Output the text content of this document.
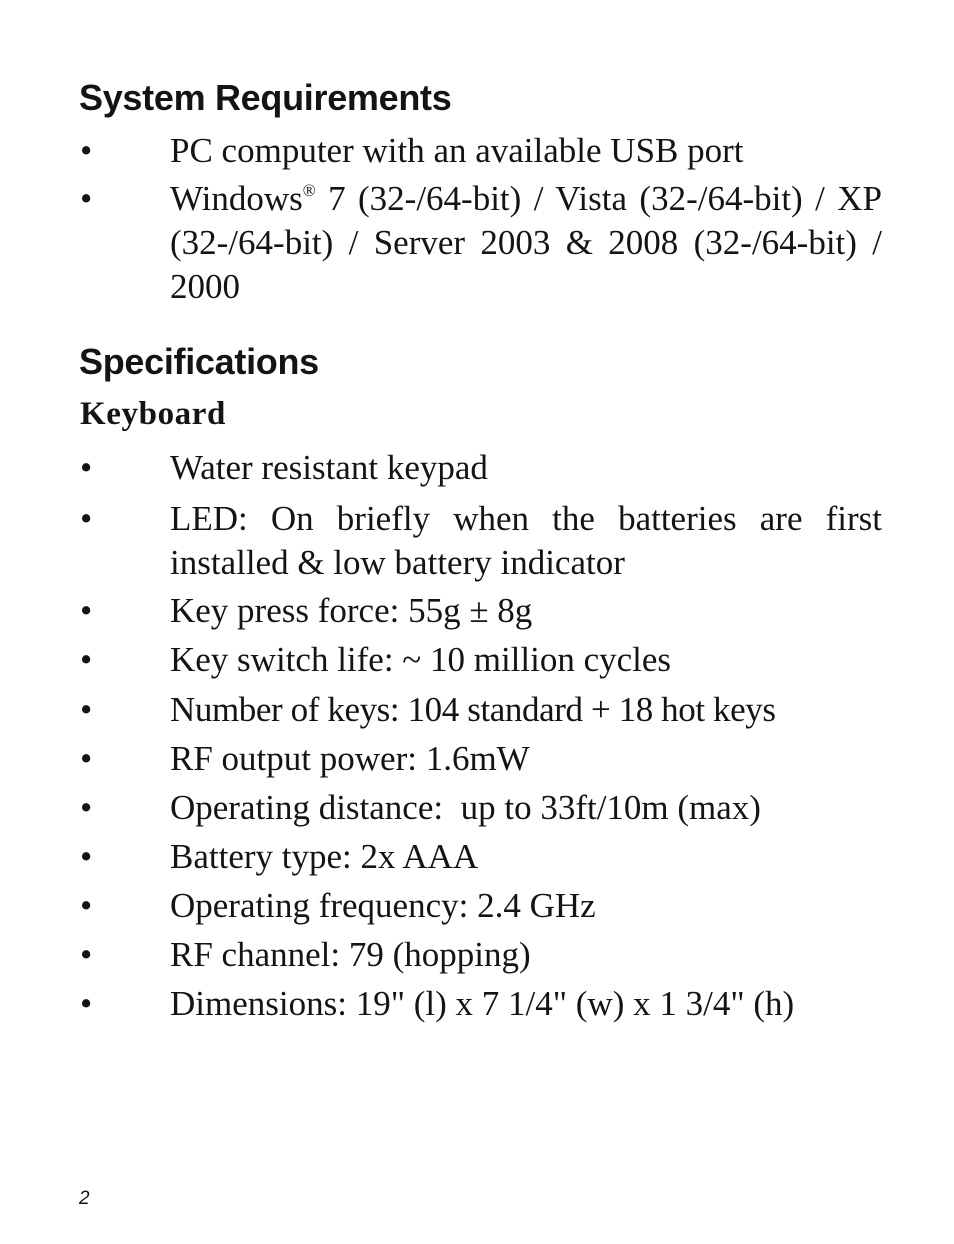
System Requirements
•	PC computer with an available USB port
•	Windows® 7 (32-/64-bit) / Vista (32-/64-bit) / XP (32-/64-bit) / Server 2003 & 2008 (32-/64-bit) / 2000
Specifications
Keyboard
•	Water resistant keypad
•	LED: On briefly when the batteries are first installed & low battery indicator
•	Key press force: 55g ± 8g
•	Key switch life: ~ 10 million cycles
•	Number of keys: 104 standard + 18 hot keys
•	RF output power: 1.6mW
•	Operating distance:  up to 33ft/10m (max)
•	Battery type: 2x AAA
•	Operating frequency: 2.4 GHz
•	RF channel: 79 (hopping)
•	Dimensions: 19" (l) x 7 1/4" (w) x 1 3/4" (h)
2
